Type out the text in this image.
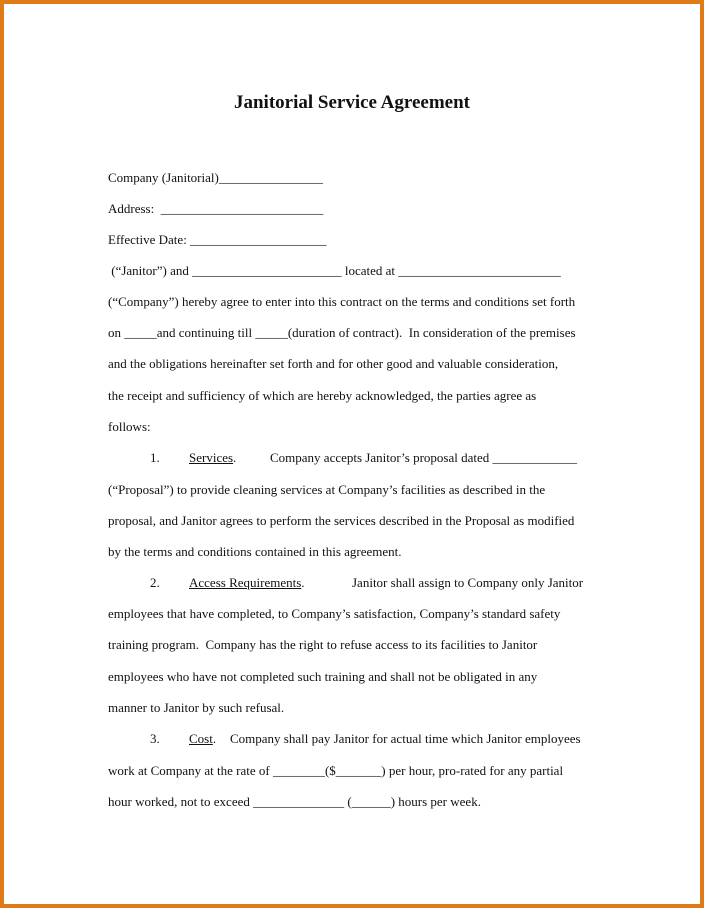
Janitorial Service Agreement
Company (Janitorial)________________
Address:  _________________________
Effective Date: _____________________
(“Janitor”) and _______________________ located at _________________________
(“Company”) hereby agree to enter into this contract on the terms and conditions set forth
on _____and continuing till _____(duration of contract).  In consideration of the premises
and the obligations hereinafter set forth and for other good and valuable consideration,
the receipt and sufficiency of which are hereby acknowledged, the parties agree as
follows:
1. Services.	Company accepts Janitor’s proposal dated _____________
(“Proposal”) to provide cleaning services at Company’s facilities as described in the
proposal, and Janitor agrees to perform the services described in the Proposal as modified
by the terms and conditions contained in this agreement.
2. Access Requirements.	Janitor shall assign to Company only Janitor
employees that have completed, to Company’s satisfaction, Company’s standard safety
training program.  Company has the right to refuse access to its facilities to Janitor
employees who have not completed such training and shall not be obligated in any
manner to Janitor by such refusal.
3. Cost. Company shall pay Janitor for actual time which Janitor employees
work at Company at the rate of ________($_______) per hour, pro-rated for any partial
hour worked, not to exceed ______________ (______) hours per week.
